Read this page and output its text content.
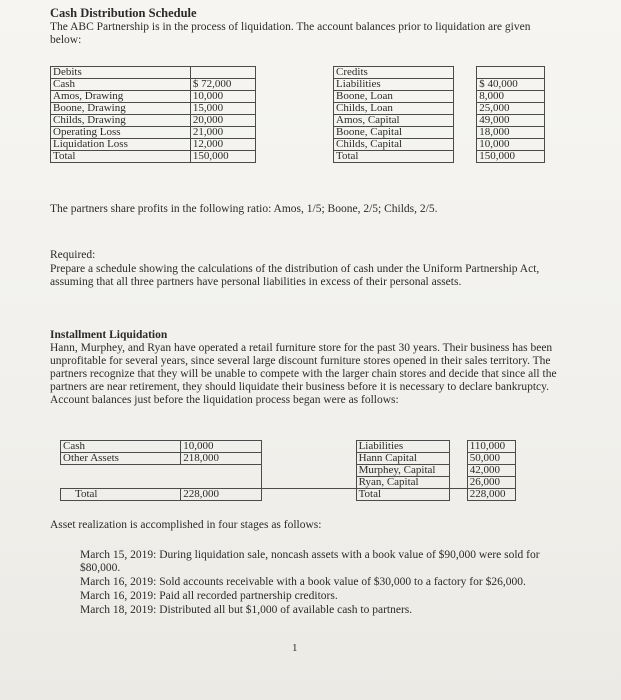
Cash Distribution Schedule
The ABC Partnership is in the process of liquidation. The account balances prior to liquidation are given below:
Debits			Credits		
Cash	$ 72,000		Liabilities		$ 40,000
Amos, Drawing	10,000		Boone, Loan		8,000
Boone, Drawing	15,000		Childs, Loan		25,000
Childs, Drawing	20,000		Amos, Capital		49,000
Operating Loss	21,000		Boone, Capital		18,000
Liquidation Loss	12,000		Childs, Capital		10,000
Total	150,000		Total		150,000
The partners share profits in the following ratio: Amos, 1/5; Boone, 2/5; Childs, 2/5.
Required:
Prepare a schedule showing the calculations of the distribution of cash under the Uniform Partnership Act, assuming that all three partners have personal liabilities in excess of their personal assets.
Installment Liquidation
Hann, Murphey, and Ryan have operated a retail furniture store for the past 30 years. Their business has been unprofitable for several years, since several large discount furniture stores opened in their sales territory. The partners recognize that they will be unable to compete with the larger chain stores and decide that since all the partners are near retirement, they should liquidate their business before it is necessary to declare bankruptcy. Account balances just before the liquidation process began were as follows:
Cash	10,000		Liabilities		110,000
Other Assets	218,000		Hann Capital		50,000
			Murphey, Capital		42,000
			Ryan, Capital		26,000
Total	228,000		Total		228,000
Asset realization is accomplished in four stages as follows:
March 15, 2019: During liquidation sale, noncash assets with a book value of $90,000 were sold for $80,000.
March 16, 2019: Sold accounts receivable with a book value of $30,000 to a factory for $26,000.
March 16, 2019: Paid all recorded partnership creditors.
March 18, 2019: Distributed all but $1,000 of available cash to partners.
1
